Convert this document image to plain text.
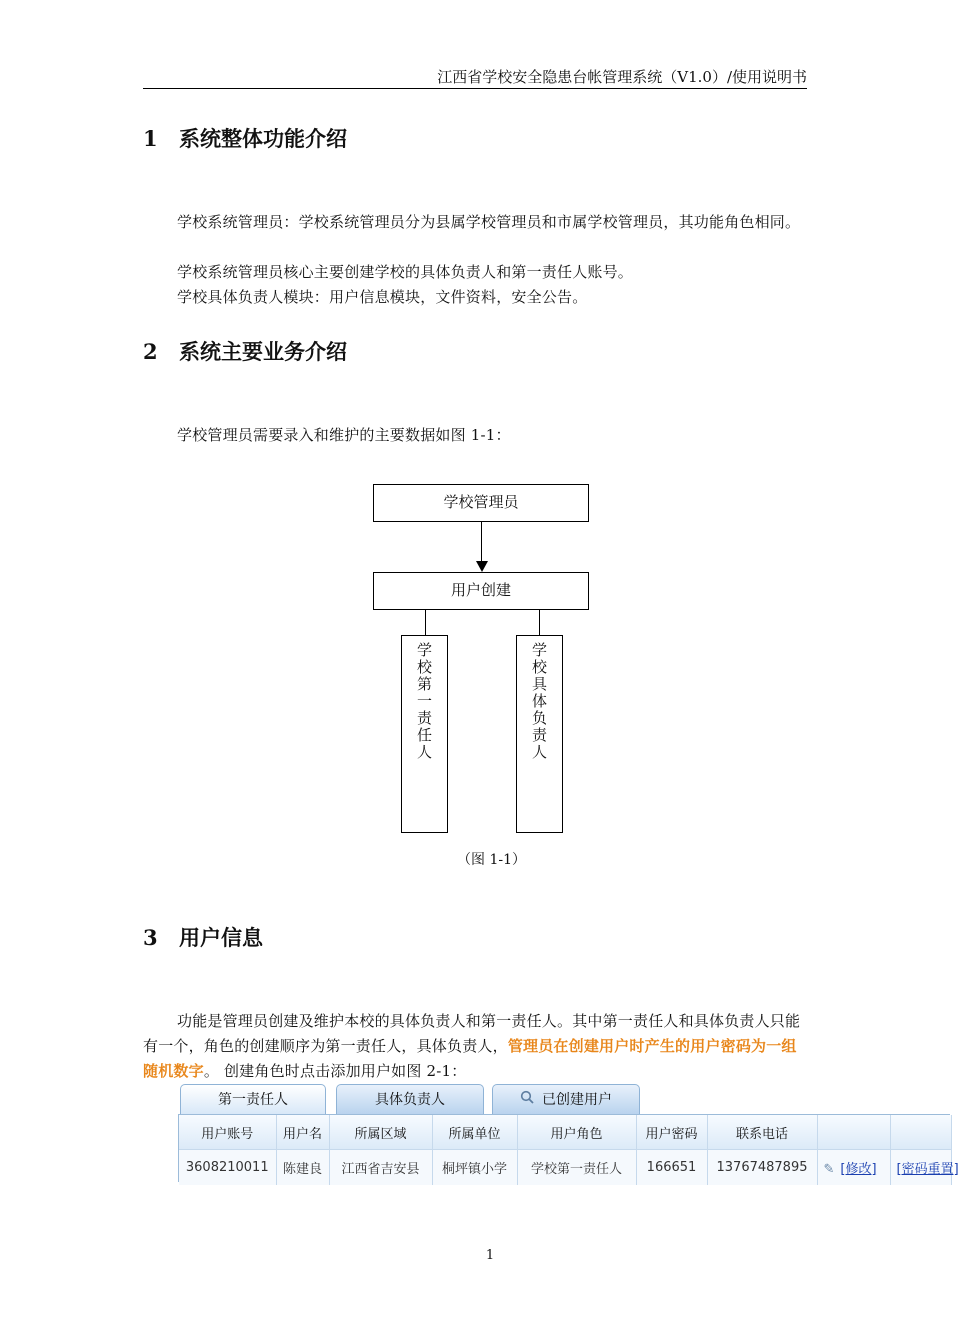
江西省学校安全隐患台帐管理系统（V1.0）/使用说明书
1 系统整体功能介绍
学校系统管理员：学校系统管理员分为县属学校管理员和市属学校管理员，其功能角色相同。
学校系统管理员核心主要创建学校的具体负责人和第一责任人账号。
学校具体负责人模块：用户信息模块，文件资料，安全公告。
2 系统主要业务介绍
学校管理员需要录入和维护的主要数据如图 1-1：
学校管理员
用户创建
学
校
第
一
责
任
人
学
校
具
体
负
责
人
（图 1-1）
3 用户信息
功能是管理员创建及维护本校的具体负责人和第一责任人。其中第一责任人和具体负责人只能有一个，角色的创建顺序为第一责任人，具体负责人，管理员在创建用户时产生的用户密码为一组随机数字。 创建角色时点击添加用户如图 2-1：
第一责任人	具体负责人	已创建用户
用户账号	用户名	所属区域	所属单位	用户角色	用户密码	联系电话		
3608210011	陈建良	江西省吉安县	桐坪镇小学	学校第一责任人	166651	13767487895	✎ [修改]	[密码重置]
1
